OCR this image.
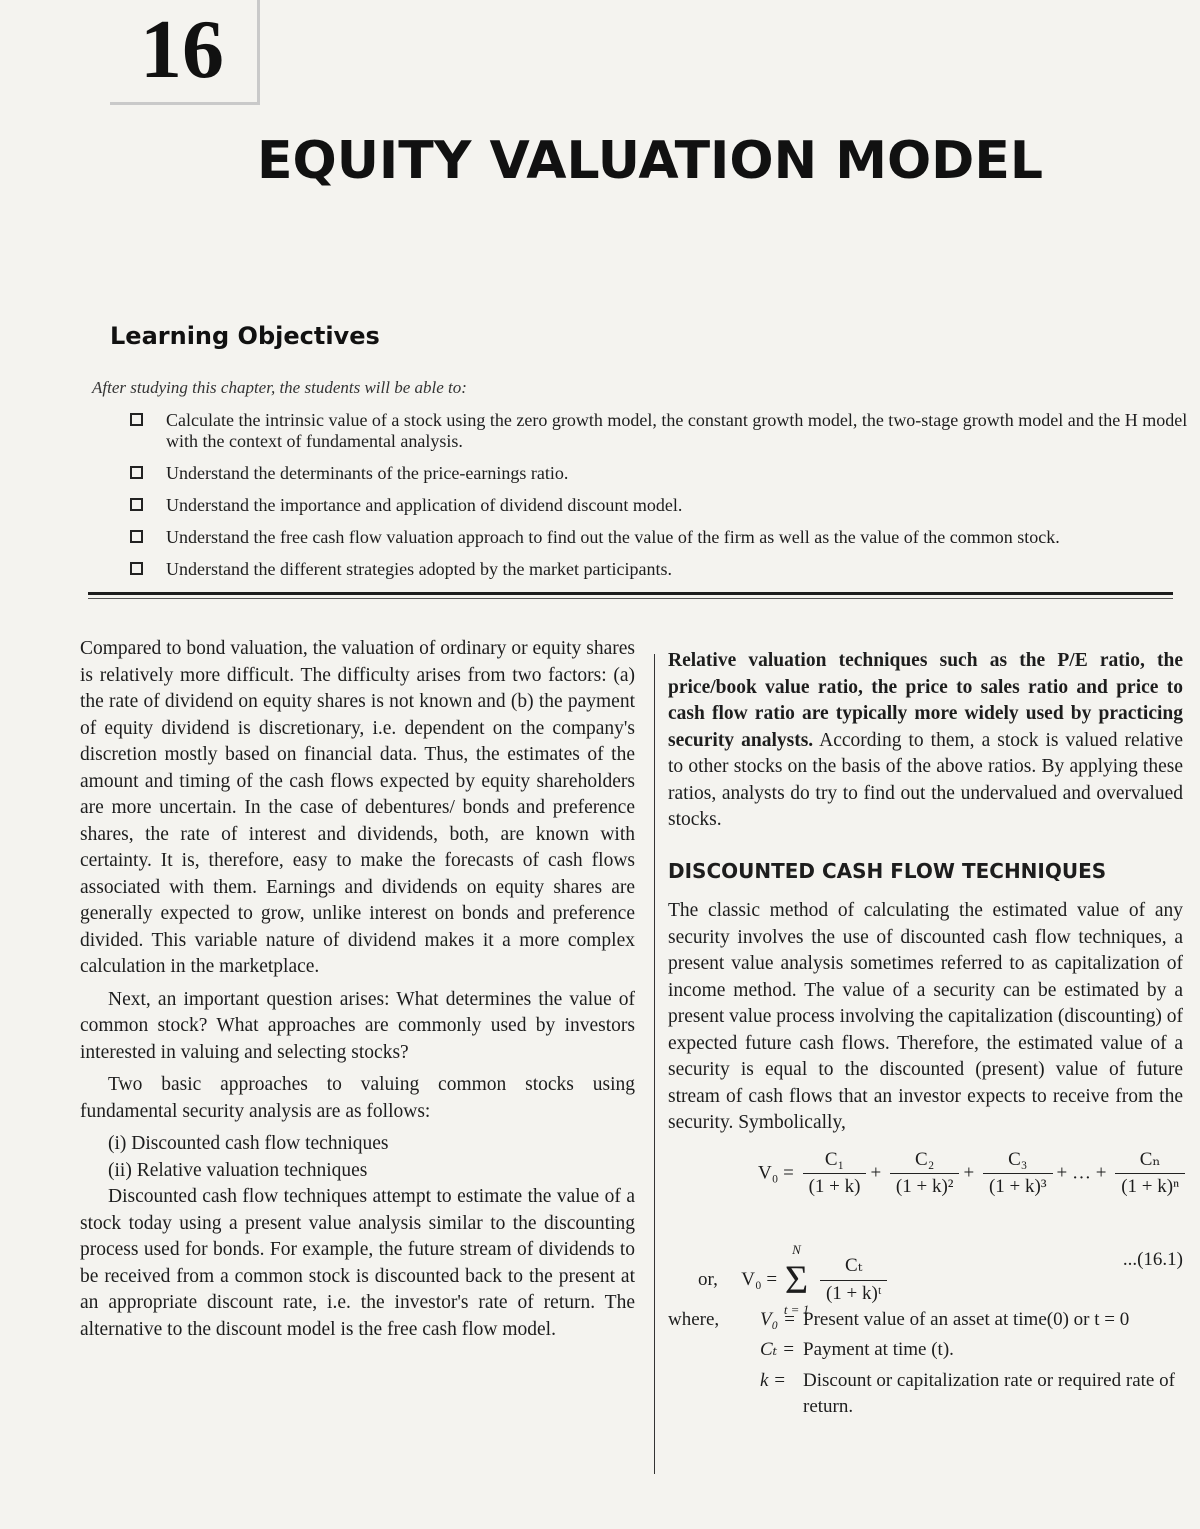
16
EQUITY VALUATION MODEL
Learning Objectives
After studying this chapter, the students will be able to:
Calculate the intrinsic value of a stock using the zero growth model, the constant growth model, the two-stage growth model and the H model with the context of fundamental analysis.
Understand the determinants of the price-earnings ratio.
Understand the importance and application of dividend discount model.
Understand the free cash flow valuation approach to find out the value of the firm as well as the value of the common stock.
Understand the different strategies adopted by the market participants.

Compared to bond valuation, the valuation of ordinary or equity shares is relatively more difficult. The difficulty arises from two factors: (a) the rate of dividend on equity shares is not known and (b) the payment of equity dividend is discretionary, i.e. dependent on the company's discretion mostly based on financial data. Thus, the estimates of the amount and timing of the cash flows expected by equity shareholders are more uncertain. In the case of debentures/ bonds and preference shares, the rate of interest and dividends, both, are known with certainty. It is, therefore, easy to make the forecasts of cash flows associated with them. Earnings and dividends on equity shares are generally expected to grow, unlike interest on bonds and preference divided. This variable nature of dividend makes it a more complex calculation in the marketplace.

Next, an important question arises: What determines the value of common stock? What approaches are commonly used by investors interested in valuing and selecting stocks?

Two basic approaches to valuing common stocks using fundamental security analysis are as follows:

(i) Discounted cash flow techniques

(ii) Relative valuation techniques

Discounted cash flow techniques attempt to estimate the value of a stock today using a present value analysis similar to the discounting process used for bonds. For example, the future stream of dividends to be received from a common stock is discounted back to the present at an appropriate discount rate, i.e. the investor's rate of return. The alternative to the discount model is the free cash flow model.

Relative valuation techniques such as the P/E ratio, the price/book value ratio, the price to sales ratio and price to cash flow ratio are typically more widely used by practicing security analysts. According to them, a stock is valued relative to other stocks on the basis of the above ratios. By applying these ratios, analysts do try to find out the undervalued and overvalued stocks.

DISCOUNTED CASH FLOW TECHNIQUES

The classic method of calculating the estimated value of any security involves the use of discounted cash flow techniques, a present value analysis sometimes referred to as capitalization of income method. The value of a security can be estimated by a present value process involving the capitalization (discounting) of expected future cash flows. Therefore, the estimated value of a security is equal to the discounted (present) value of future stream of cash flows that an investor expects to receive from the security. Symbolically,

$V_0 = \frac{\text{C₁}}{(1 + k)} + \frac{\text{C₂}}{\text{(1 + k)²}} + \frac{\text{C₃}}{\text{(1 + k)³}}$ + … + $\frac{\text{Cₙ}}{\text{(1 + k)ⁿ}}$
or, V₀ =
N
Σ
t = 1

$\frac{\text{Cₜ}}{\text{(1 + k)ᵗ}}$	...(16.1)
where, V₀ = Present value of an asset at time(0) or t = 0
Cₜ = Payment at time (t).
k = Discount or capitalization rate or required rate of return.
